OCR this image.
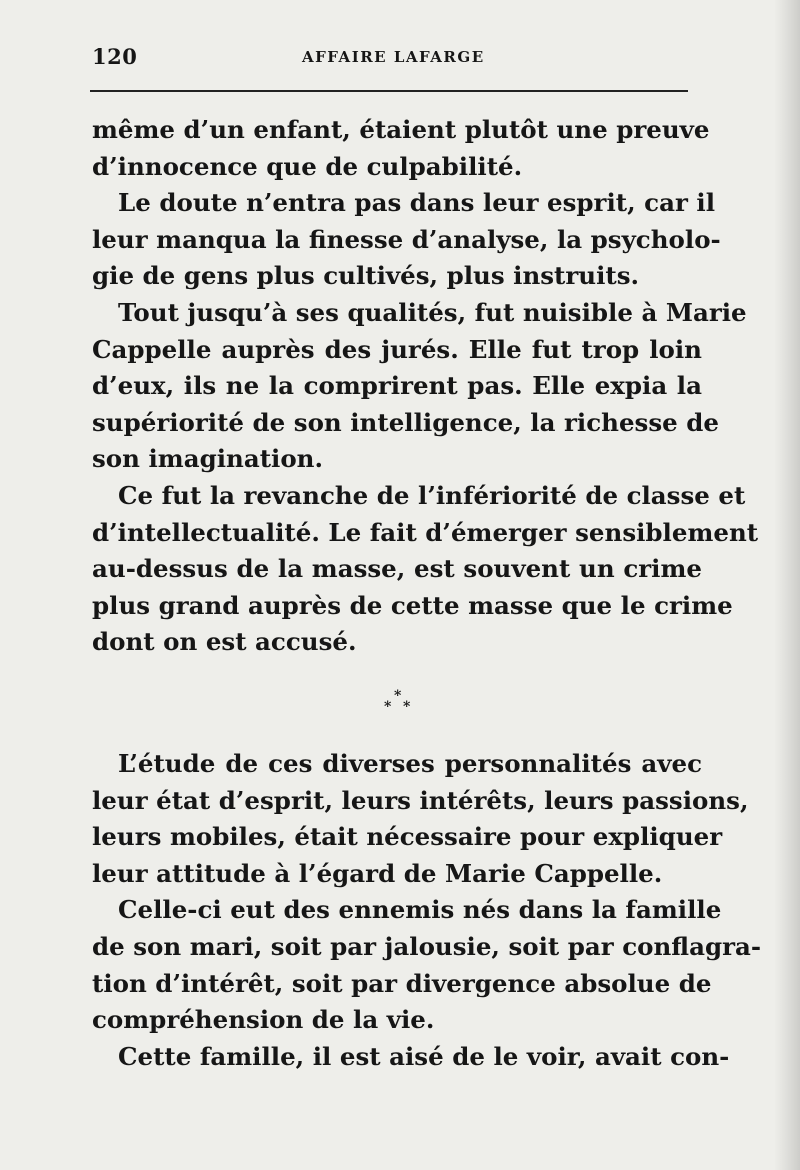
120	AFFAIRE LAFARGE
même d’un enfant, étaient plutôt une preuve
d’innocence que de culpabilité.
Le doute n’entra pas dans leur esprit, car il
leur manqua la finesse d’analyse, la psycholo-
gie de gens plus cultivés, plus instruits.
Tout jusqu’à ses qualités, fut nuisible à Marie
Cappelle auprès des jurés. Elle fut trop loin
d’eux, ils ne la comprirent pas. Elle expia la
supériorité de son intelligence, la richesse de
son imagination.
Ce fut la revanche de l’infériorité de classe et
d’intellectualité. Le fait d’émerger sensiblement
au-dessus de la masse, est souvent un crime
plus grand auprès de cette masse que le crime
dont on est accusé.
*
* *
L’étude de ces diverses personnalités avec
leur état d’esprit, leurs intérêts, leurs passions,
leurs mobiles, était nécessaire pour expliquer
leur attitude à l’égard de Marie Cappelle.
Celle-ci eut des ennemis nés dans la famille
de son mari, soit par jalousie, soit par conflagra-
tion d’intérêt, soit par divergence absolue de
compréhension de la vie.
Cette famille, il est aisé de le voir, avait con-
